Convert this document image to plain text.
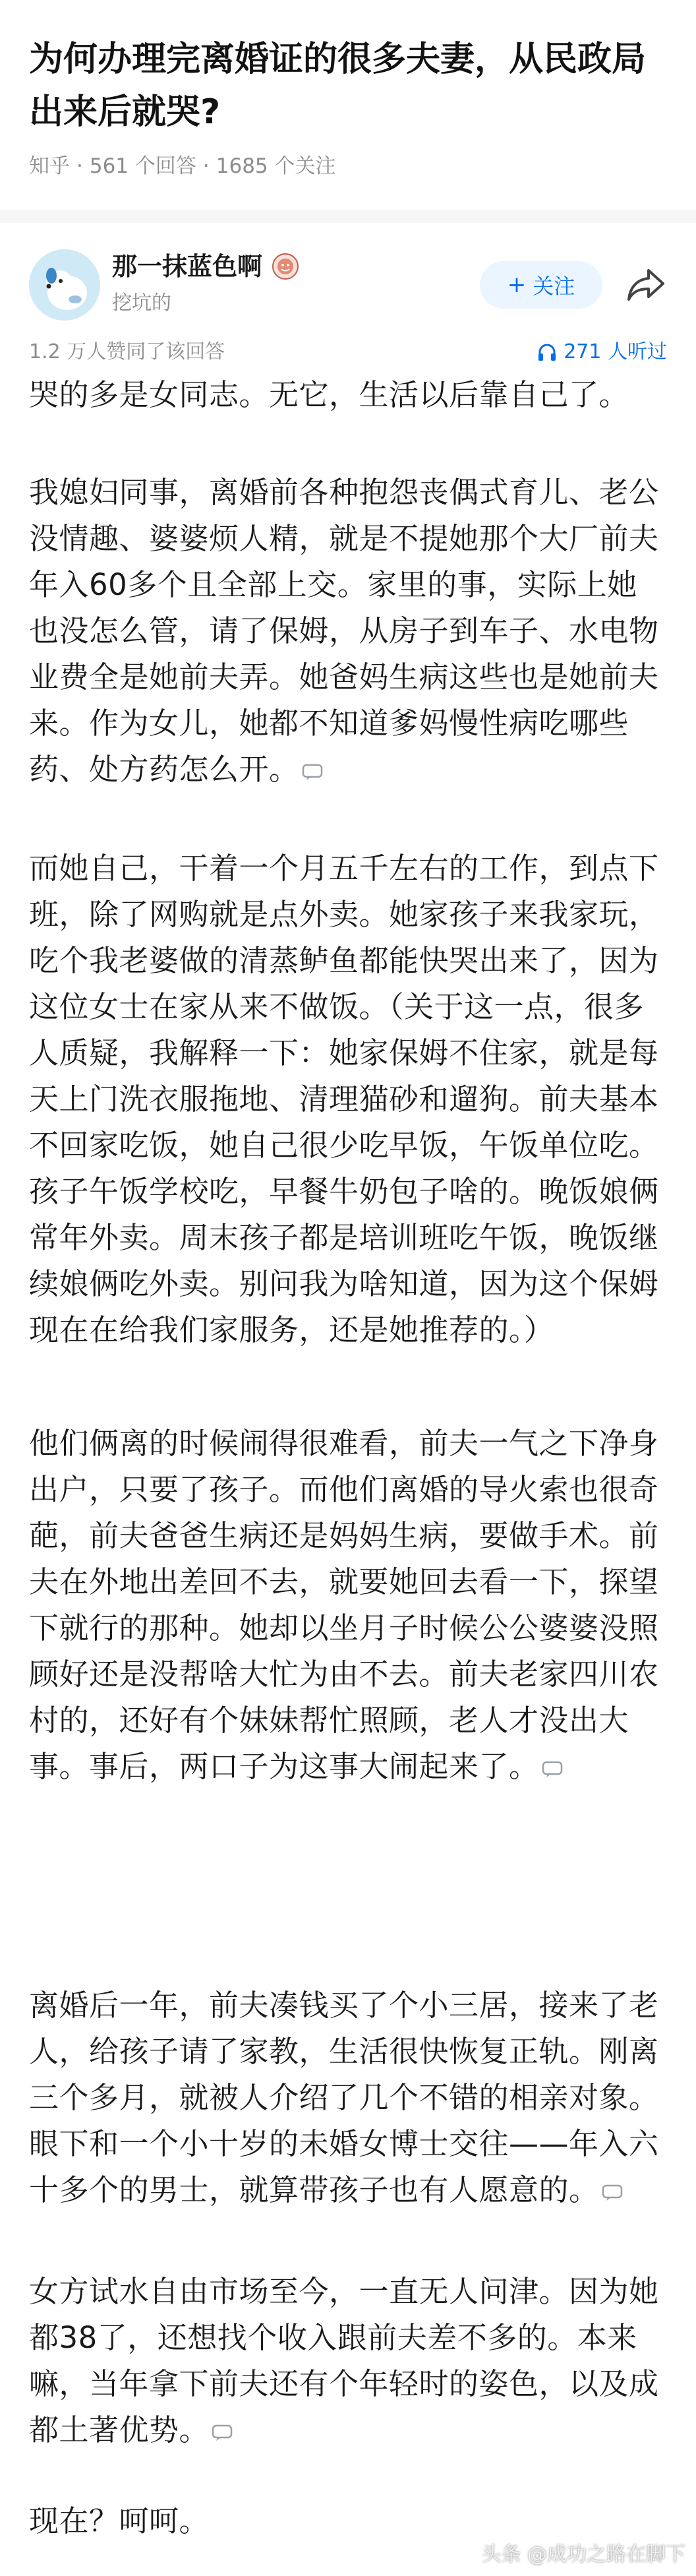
为何办理完离婚证的很多夫妻，从民政局出来后就哭?
知乎 · 561 个回答 · 1685 个关注
那一抹蓝色啊
挖坑的
+ 关注
1.2 万人赞同了该回答	271 人听过

哭的多是女同志。无它，生活以后靠自己了。

我媳妇同事，离婚前各种抱怨丧偶式育儿、老公没情趣、婆婆烦人精，就是不提她那个大厂前夫年入60多个且全部上交。家里的事，实际上她也没怎么管，请了保姆，从房子到车子、水电物业费全是她前夫弄。她爸妈生病这些也是她前夫来。作为女儿，她都不知道爹妈慢性病吃哪些药、处方药怎么开。

而她自己，干着一个月五千左右的工作，到点下班，除了网购就是点外卖。她家孩子来我家玩，吃个我老婆做的清蒸鲈鱼都能快哭出来了，因为这位女士在家从来不做饭。（关于这一点，很多人质疑，我解释一下：她家保姆不住家，就是每天上门洗衣服拖地、清理猫砂和遛狗。前夫基本不回家吃饭，她自己很少吃早饭，午饭单位吃。孩子午饭学校吃，早餐牛奶包子啥的。晚饭娘俩常年外卖。周末孩子都是培训班吃午饭，晚饭继续娘俩吃外卖。别问我为啥知道，因为这个保姆现在在给我们家服务，还是她推荐的。）

他们俩离的时候闹得很难看，前夫一气之下净身出户，只要了孩子。而他们离婚的导火索也很奇葩，前夫爸爸生病还是妈妈生病，要做手术。前夫在外地出差回不去，就要她回去看一下，探望下就行的那种。她却以坐月子时候公公婆婆没照顾好还是没帮啥大忙为由不去。前夫老家四川农村的，还好有个妹妹帮忙照顾，老人才没出大事。事后，两口子为这事大闹起来了。

离婚后一年，前夫凑钱买了个小三居，接来了老人，给孩子请了家教，生活很快恢复正轨。刚离三个多月，就被人介绍了几个不错的相亲对象。眼下和一个小十岁的未婚女博士交往——年入六十多个的男士，就算带孩子也有人愿意的。

女方试水自由市场至今，一直无人问津。因为她都38了，还想找个收入跟前夫差不多的。本来嘛，当年拿下前夫还有个年轻时的姿色，以及成都土著优势。

现在？呵呵。

头条 @成功之路在脚下
